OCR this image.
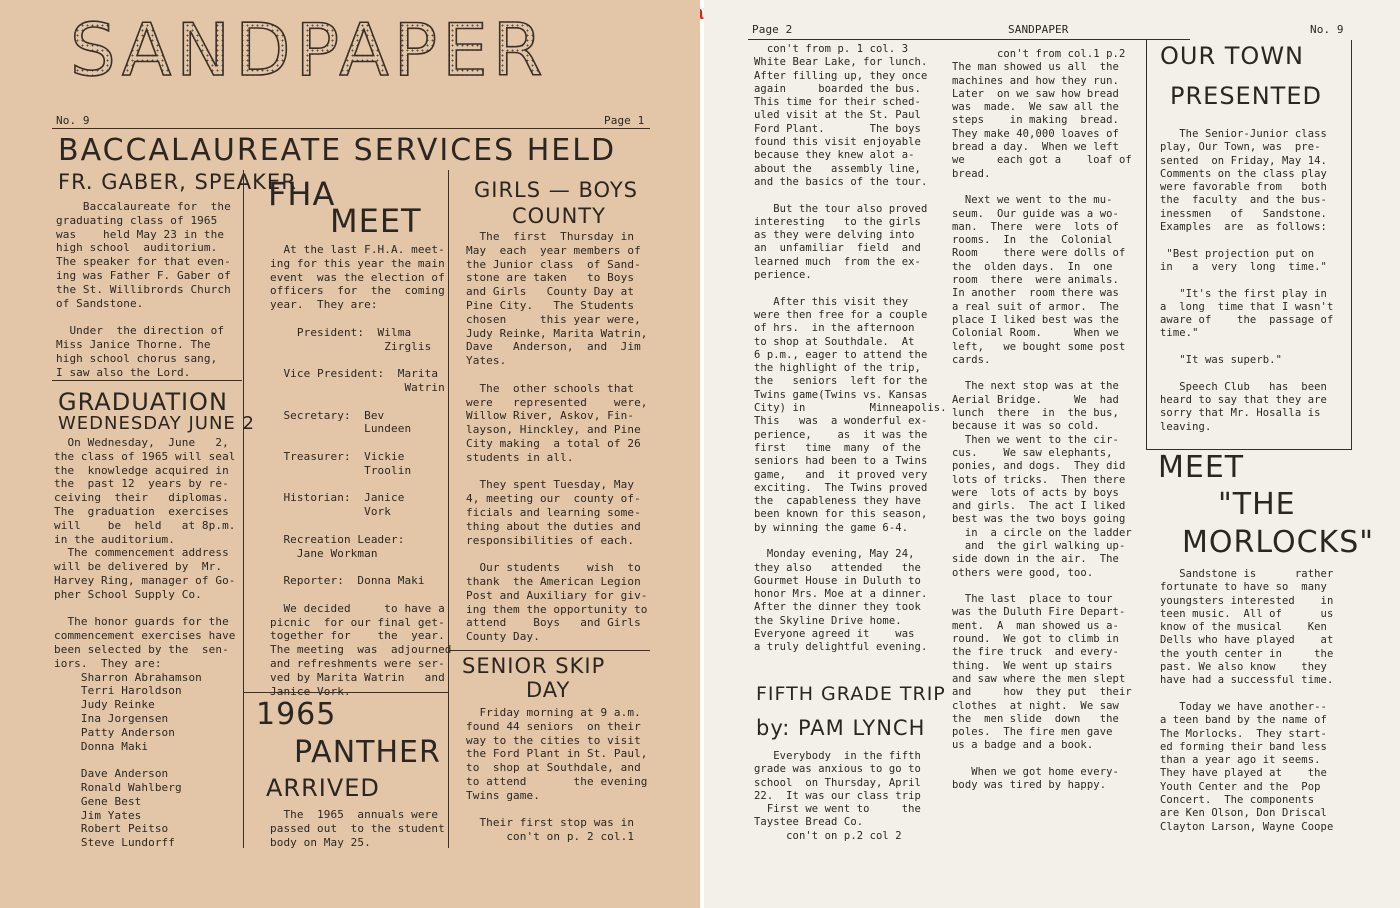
SANDPAPER
No. 9	Page 1
BACCALAUREATE SERVICES HELD
FR. GABER, SPEAKER
Baccalaureate for  the
graduating class of 1965
was    held May 23 in the
high school  auditorium.
The speaker for that even-
ing was Father F. Gaber of
the St. Willibrords Church
of Sandstone.

Under  the direction of
Miss Janice Thorne. The
high school chorus sang,
I saw also the Lord.
GRADUATION
WEDNESDAY JUNE 2
On Wednesday,  June   2,
the class of 1965 will seal
the  knowledge acquired in
the  past 12  years by re-
ceiving  their   diplomas.
The  graduation  exercises
will    be  held   at 8p.m.
in the auditorium.
The commencement address
will be delivered by  Mr.
Harvey Ring, manager of Go-
pher School Supply Co.

The honor guards for the
commencement exercises have
been selected by the  sen-
iors.  They are:
Sharron Abrahamson
Terri Haroldson
Judy Reinke
Ina Jorgensen
Patty Anderson
Donna Maki

Dave Anderson
Ronald Wahlberg
Gene Best
Jim Yates
Robert Peitso
Steve Lundorff
FHA
MEET
At the last F.H.A. meet-
ing for this year the main
event  was the election of
officers  for  the  coming
year.  They are:

President:  Wilma
Zirglis

Vice President:  Marita
Watrin

Secretary:  Bev
Lundeen

Treasurer:  Vickie
Troolin

Historian:  Janice
Vork

Recreation Leader:
Jane Workman

Reporter:  Donna Maki

We decided     to have a
picnic  for our final get-
together for    the  year.
The meeting  was  adjourned
and refreshments were ser-
ved by Marita Watrin   and
Janice Vork.
1965
PANTHER
ARRIVED
The  1965  annuals were
passed out  to the student
body on May 25.
GIRLS — BOYS
COUNTY
The  first  Thursday in
May  each  year members of
the Junior class  of Sand-
stone are taken   to Boys
and Girls   County Day at
Pine City.   The Students
chosen     this year were,
Judy Reinke, Marita Watrin,
Dave   Anderson,  and  Jim
Yates.

The  other schools that
were   represented    were,
Willow River, Askov, Fin-
layson, Hinckley, and Pine
City making  a total of 26
students in all.

They spent Tuesday, May
4, meeting our  county of-
ficials and learning some-
thing about the duties and
responsibilities of each.

Our students    wish  to
thank  the American Legion
Post and Auxiliary for giv-
ing them the opportunity to
attend    Boys   and Girls
County Day.
SENIOR SKIP
DAY
Friday morning at 9 a.m.
found 44 seniors  on their
way to the cities to visit
the Ford Plant in St. Paul,
to  shop at Southdale, and
to attend       the evening
Twins game.

Their first stop was in
con't on p. 2 col.1
Page 2	SANDPAPER	No. 9
con't from p. 1 col. 3
White Bear Lake, for lunch.
After filling up, they once
again     boarded the bus.
This time for their sched-
uled visit at the St. Paul
Ford Plant.       The boys
found this visit enjoyable
because they knew alot a-
about the   assembly line,
and the basics of the tour.

But the tour also proved
interesting   to the girls
as they were delving into
an  unfamiliar  field  and
learned much  from the ex-
perience.

After this visit they
were then free for a couple
of hrs.  in the afternoon
to shop at Southdale.  At
6 p.m., eager to attend the
the highlight of the trip,
the   seniors  left for the
Twins game(Twins vs. Kansas
City) in          Minneapolis.
This   was  a wonderful ex-
perience,    as  it was the
first   time  many  of the
seniors had been to a Twins
game,   and  it proved very
exciting.  The Twins proved
the  capableness they have
been known for this season,
by winning the game 6-4.

Monday evening, May 24,
they also   attended   the
Gourmet House in Duluth to
honor Mrs. Moe at a dinner.
After the dinner they took
the Skyline Drive home.
Everyone agreed it    was
a truly delightful evening.
FIFTH GRADE TRIP
by: PAM LYNCH
Everybody  in the fifth
grade was anxious to go to
school  on Thursday, April
22.  It was our class trip
First we went to     the
Taystee Bread Co.
con't on p.2 col 2
con't from col.1 p.2
The man showed us all  the
machines and how they run.
Later  on we saw how bread
was  made.  We saw all the
steps    in making  bread.
They make 40,000 loaves of
bread a day.  When we left
we     each got a    loaf of
bread.

Next we went to the mu-
seum.  Our guide was a wo-
man.  There  were  lots of
rooms.  In  the  Colonial
Room    there were dolls of
the  olden days.  In  one
room  there  were animals.
In another  room there was
a real suit of armor.  The
place I liked best was the
Colonial Room.     When we
left,   we bought some post
cards.

The next stop was at the
Aerial Bridge.     We  had
lunch  there  in  the bus,
because it was so cold.
Then we went to the cir-
cus.    We saw elephants,
ponies, and dogs.  They did
lots of tricks.  Then there
were  lots of acts by boys
and girls.  The act I liked
best was the two boys going
in  a circle on the ladder
and  the girl walking up-
side down in the air.  The
others were good, too.

The last  place to tour
was the Duluth Fire Depart-
ment.  A  man showed us a-
round.  We got to climb in
the fire truck  and every-
thing.  We went up stairs
and saw where the men slept
and     how  they put  their
clothes  at night.  We saw
the  men slide  down   the
poles.  The fire men gave
us a badge and a book.

When we got home every-
body was tired by happy.
OUR TOWN
PRESENTED
The Senior-Junior class
play, Our Town, was  pre-
sented  on Friday, May 14.
Comments on the class play
were favorable from   both
the  faculty  and the bus-
inessmen   of   Sandstone.
Examples  are  as follows:

"Best projection put on
in   a  very  long  time."

"It's the first play in
a  long  time that I wasn't
aware of    the  passage of
time."

"It was superb."

Speech Club   has  been
heard to say that they are
sorry that Mr. Hosalla is
leaving.
MEET
"THE
MORLOCKS"
Sandstone is      rather
fortunate to have so  many
youngsters interested    in
teen music.  All of      us
know of the musical    Ken
Dells who have played    at
the youth center in     the
past. We also know    they
have had a successful time.

Today we have another--
a teen band by the name of
The Morlocks.  They start-
ed forming their band less
than a year ago it seems.
They have played at    the
Youth Center and the  Pop
Concert.  The components
are Ken Olson, Don Driscal
Clayton Larson, Wayne Coope
